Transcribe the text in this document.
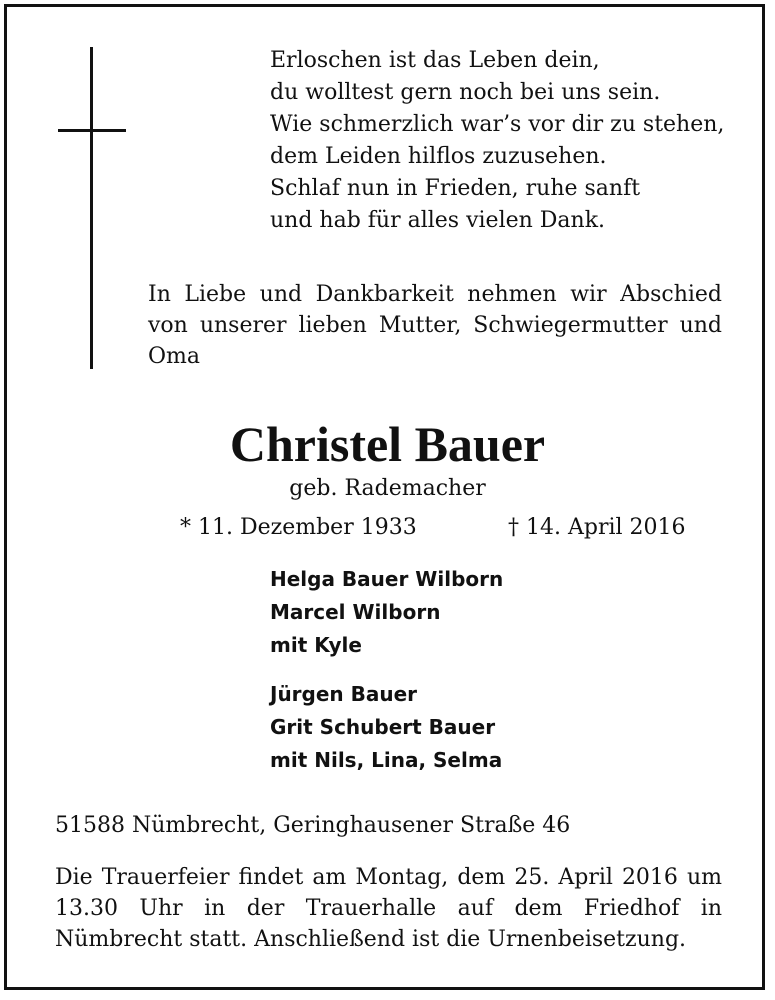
Erloschen ist das Leben dein,
du wolltest gern noch bei uns sein.
Wie schmerzlich war’s vor dir zu stehen,
dem Leiden hilflos zuzusehen.
Schlaf nun in Frieden, ruhe sanft
und hab für alles vielen Dank.
In Liebe und Dankbarkeit nehmen wir Abschied von unserer lieben Mutter, Schwiegermutter und Oma
Christel Bauer
geb. Rademacher
* 11. Dezember 1933	† 14. April 2016
Helga Bauer Wilborn
Marcel Wilborn
mit Kyle
Jürgen Bauer
Grit Schubert Bauer
mit Nils, Lina, Selma
51588 Nümbrecht, Geringhausener Straße 46
Die Trauerfeier findet am Montag, dem 25. April 2016 um 13.30 Uhr in der Trauerhalle auf dem Friedhof in Nümbrecht statt. Anschließend ist die Urnenbeisetzung.
